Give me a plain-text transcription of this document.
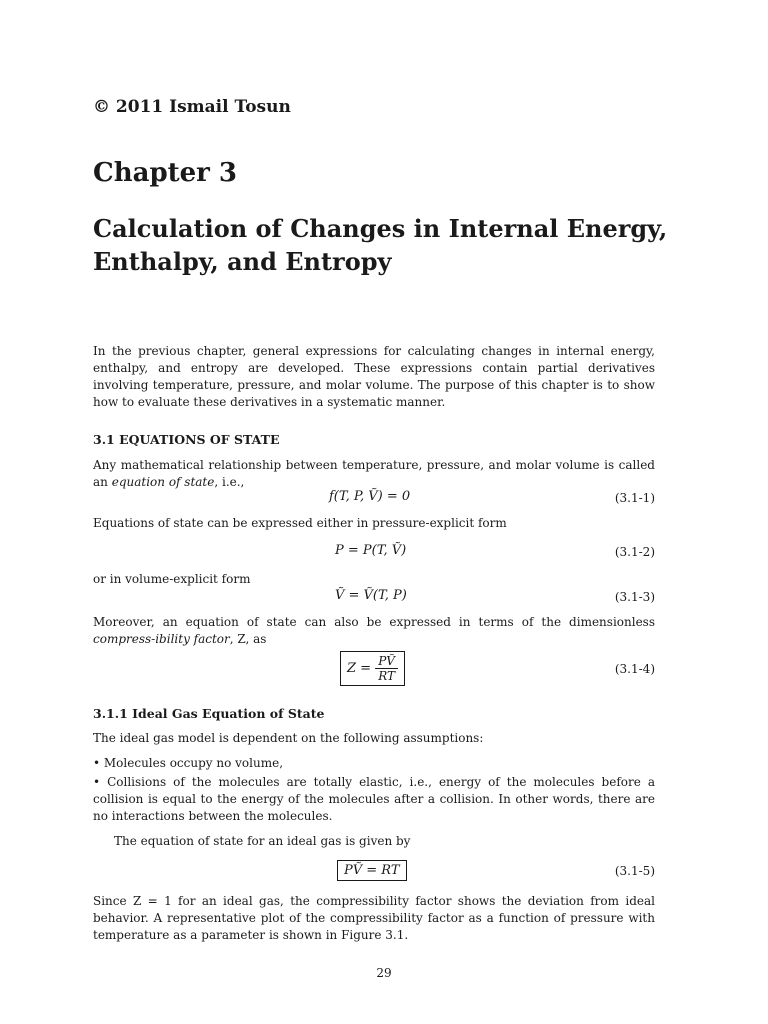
© 2011 Ismail Tosun
Chapter 3
Calculation of Changes in Internal Energy, Enthalpy, and Entropy
In the previous chapter, general expressions for calculating changes in internal energy, enthalpy, and entropy are developed. These expressions contain partial derivatives involving temperature, pressure, and molar volume. The purpose of this chapter is to show how to evaluate these derivatives in a systematic manner.
3.1 EQUATIONS OF STATE
Any mathematical relationship between temperature, pressure, and molar volume is called an equation of state, i.e.,
f(T, P, Ṽ) = 0	(3.1-1)
Equations of state can be expressed either in pressure-explicit form
P = P(T, Ṽ)	(3.1-2)
or in volume-explicit form
Ṽ = Ṽ(T, P)	(3.1-3)
Moreover, an equation of state can also be expressed in terms of the dimensionless compress-ibility factor, Z, as
$Z = \frac{\text{PṼ}}{RT}$	(3.1-4)
3.1.1 Ideal Gas Equation of State
The ideal gas model is dependent on the following assumptions:
• Molecules occupy no volume,
• Collisions of the molecules are totally elastic, i.e., energy of the molecules before a collision is equal to the energy of the molecules after a collision. In other words, there are no interactions between the molecules.
The equation of state for an ideal gas is given by
PṼ = RT	(3.1-5)
Since Z = 1 for an ideal gas, the compressibility factor shows the deviation from ideal behavior. A representative plot of the compressibility factor as a function of pressure with temperature as a parameter is shown in Figure 3.1.
29
